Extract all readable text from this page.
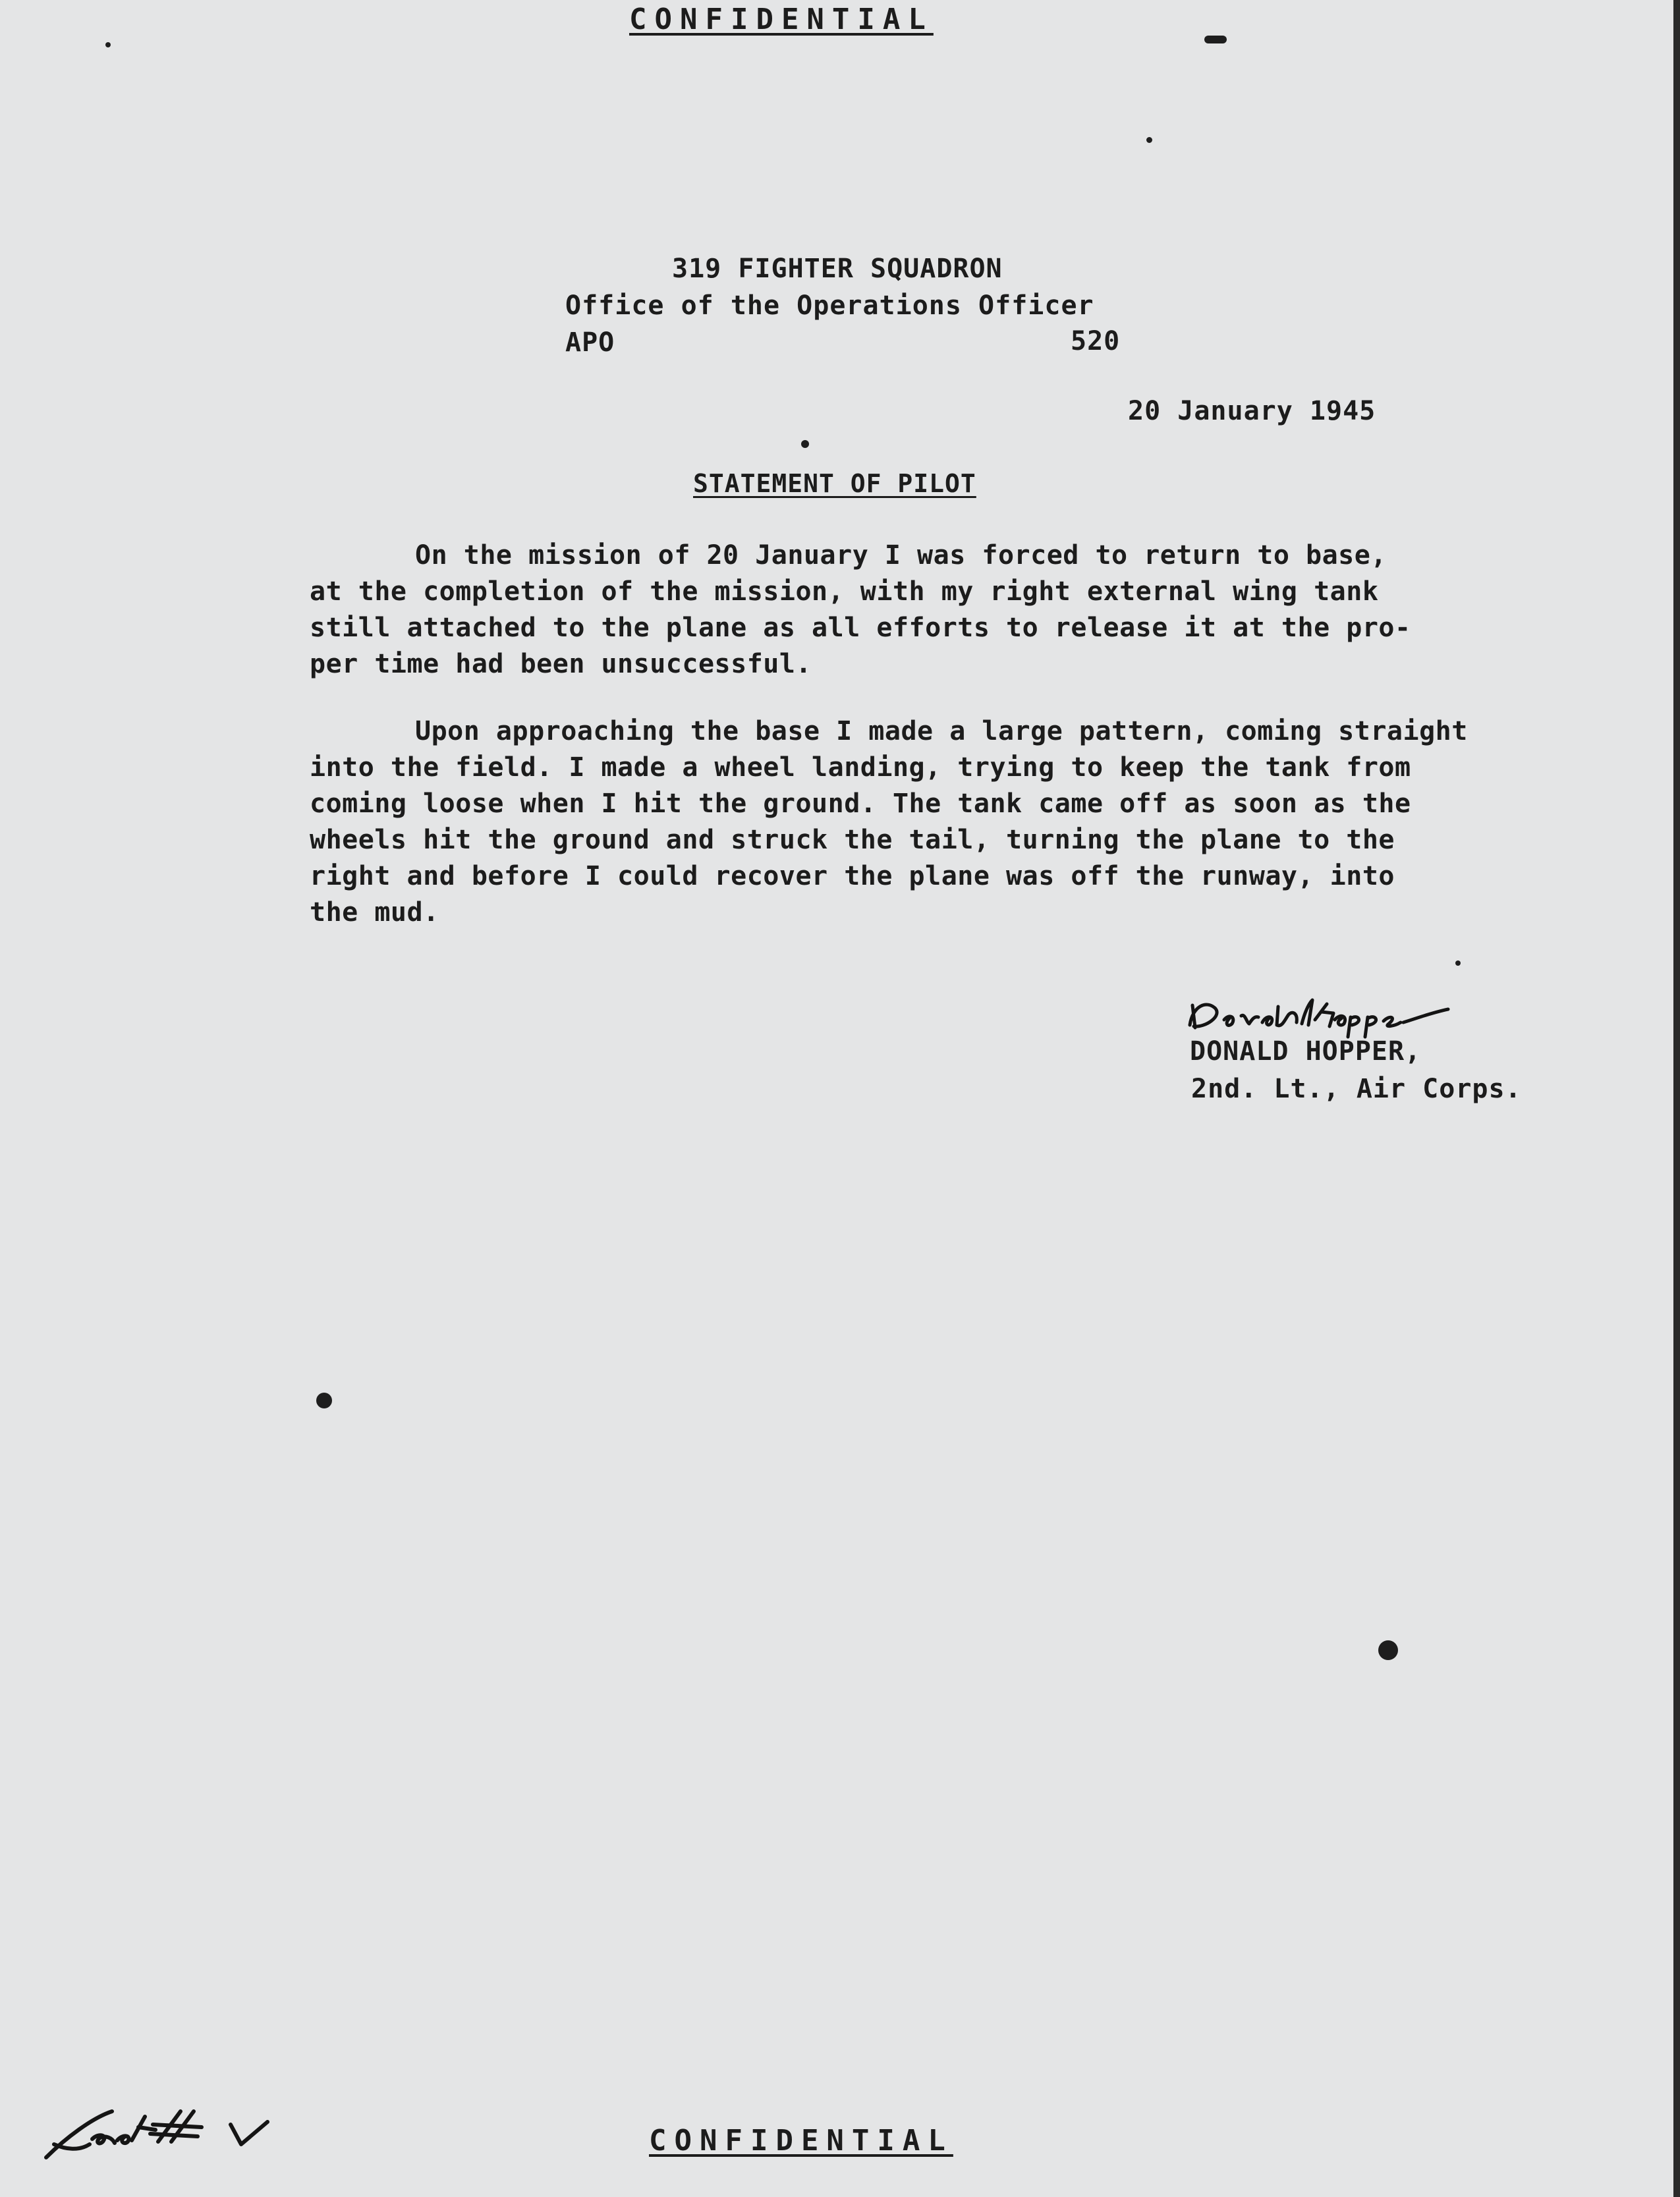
CONFIDENTIAL

319 FIGHTER SQUADRON

Office of the Operations Officer

APO	520

20 January 1945

STATEMENT OF PILOT

On the mission of 20 January I was forced to return to base,
at the completion of the mission, with my right external wing tank
still attached to the plane as all efforts to release it at the pro-
per time had been unsuccessful.

Upon approaching the base I made a large pattern, coming straight
into the field. I made a wheel landing, trying to keep the tank from
coming loose when I hit the ground. The tank came off as soon as the
wheels hit the ground and struck the tail, turning the plane to the
right and before I could recover the plane was off the runway, into
the mud.

DONALD HOPPER,

2nd. Lt., Air Corps.

CONFIDENTIAL
